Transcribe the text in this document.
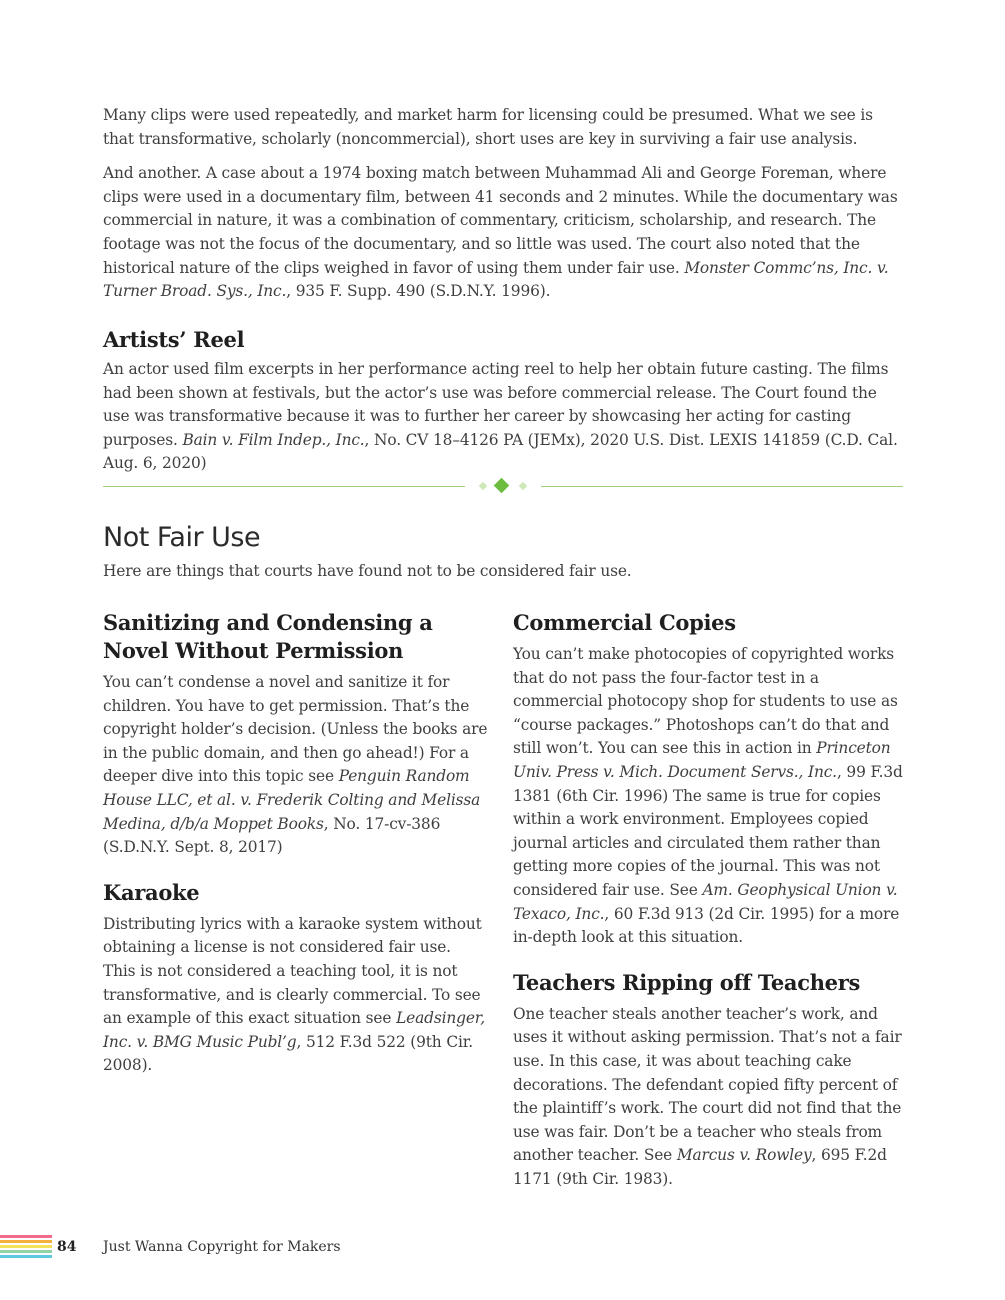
Many clips were used repeatedly, and market harm for licensing could be presumed. What we see is that transformative, scholarly (noncommercial), short uses are key in surviving a fair use analysis.

And another. A case about a 1974 boxing match between Muhammad Ali and George Foreman, where clips were used in a documentary film, between 41 seconds and 2 minutes. While the documentary was commercial in nature, it was a combination of commentary, criticism, scholarship, and research. The footage was not the focus of the documentary, and so little was used. The court also noted that the historical nature of the clips weighed in favor of using them under fair use. Monster Commc’ns, Inc. v. Turner Broad. Sys., Inc., 935 F. Supp. 490 (S.D.N.Y. 1996).

Artists’ Reel

An actor used film excerpts in her performance acting reel to help her obtain future casting. The films had been shown at festivals, but the actor’s use was before commercial release. The Court found the use was transformative because it was to further her career by showcasing her acting for casting purposes. Bain v. Film Indep., Inc., No. CV 18–4126 PA (JEMx), 2020 U.S. Dist. LEXIS 141859 (C.D. Cal. Aug. 6, 2020)

Not Fair Use

Here are things that courts have found not to be considered fair use.

Sanitizing and Condensing a Novel Without Permission

You can’t condense a novel and sanitize it for children. You have to get permission. That’s the copyright holder’s decision. (Unless the books are in the public domain, and then go ahead!) For a deeper dive into this topic see Penguin Random House LLC, et al. v. Frederik Colting and Melissa Medina, d/b/a Moppet Books, No. 17-cv-386 (S.D.N.Y. Sept. 8, 2017)

Karaoke

Distributing lyrics with a karaoke system without obtaining a license is not considered fair use. This is not considered a teaching tool, it is not transformative, and is clearly commercial. To see an example of this exact situation see Leadsinger, Inc. v. BMG Music Publ’g, 512 F.3d 522 (9th Cir. 2008).

Commercial Copies

You can’t make photocopies of copyrighted works that do not pass the four-factor test in a commercial photocopy shop for students to use as “course packages.” Photoshops can’t do that and still won’t. You can see this in action in Princeton Univ. Press v. Mich. Document Servs., Inc., 99 F.3d 1381 (6th Cir. 1996) The same is true for copies within a work environment. Employees copied journal articles and circulated them rather than getting more copies of the journal. This was not considered fair use. See Am. Geophysical Union v. Texaco, Inc., 60 F.3d 913 (2d Cir. 1995) for a more in-depth look at this situation.

Teachers Ripping off Teachers

One teacher steals another teacher’s work, and uses it without asking permission. That’s not a fair use. In this case, it was about teaching cake decorations. The defendant copied fifty percent of the plaintiff’s work. The court did not find that the use was fair. Don’t be a teacher who steals from another teacher. See Marcus v. Rowley, 695 F.2d 1171 (9th Cir. 1983).

84 Just Wanna Copyright for Makers
